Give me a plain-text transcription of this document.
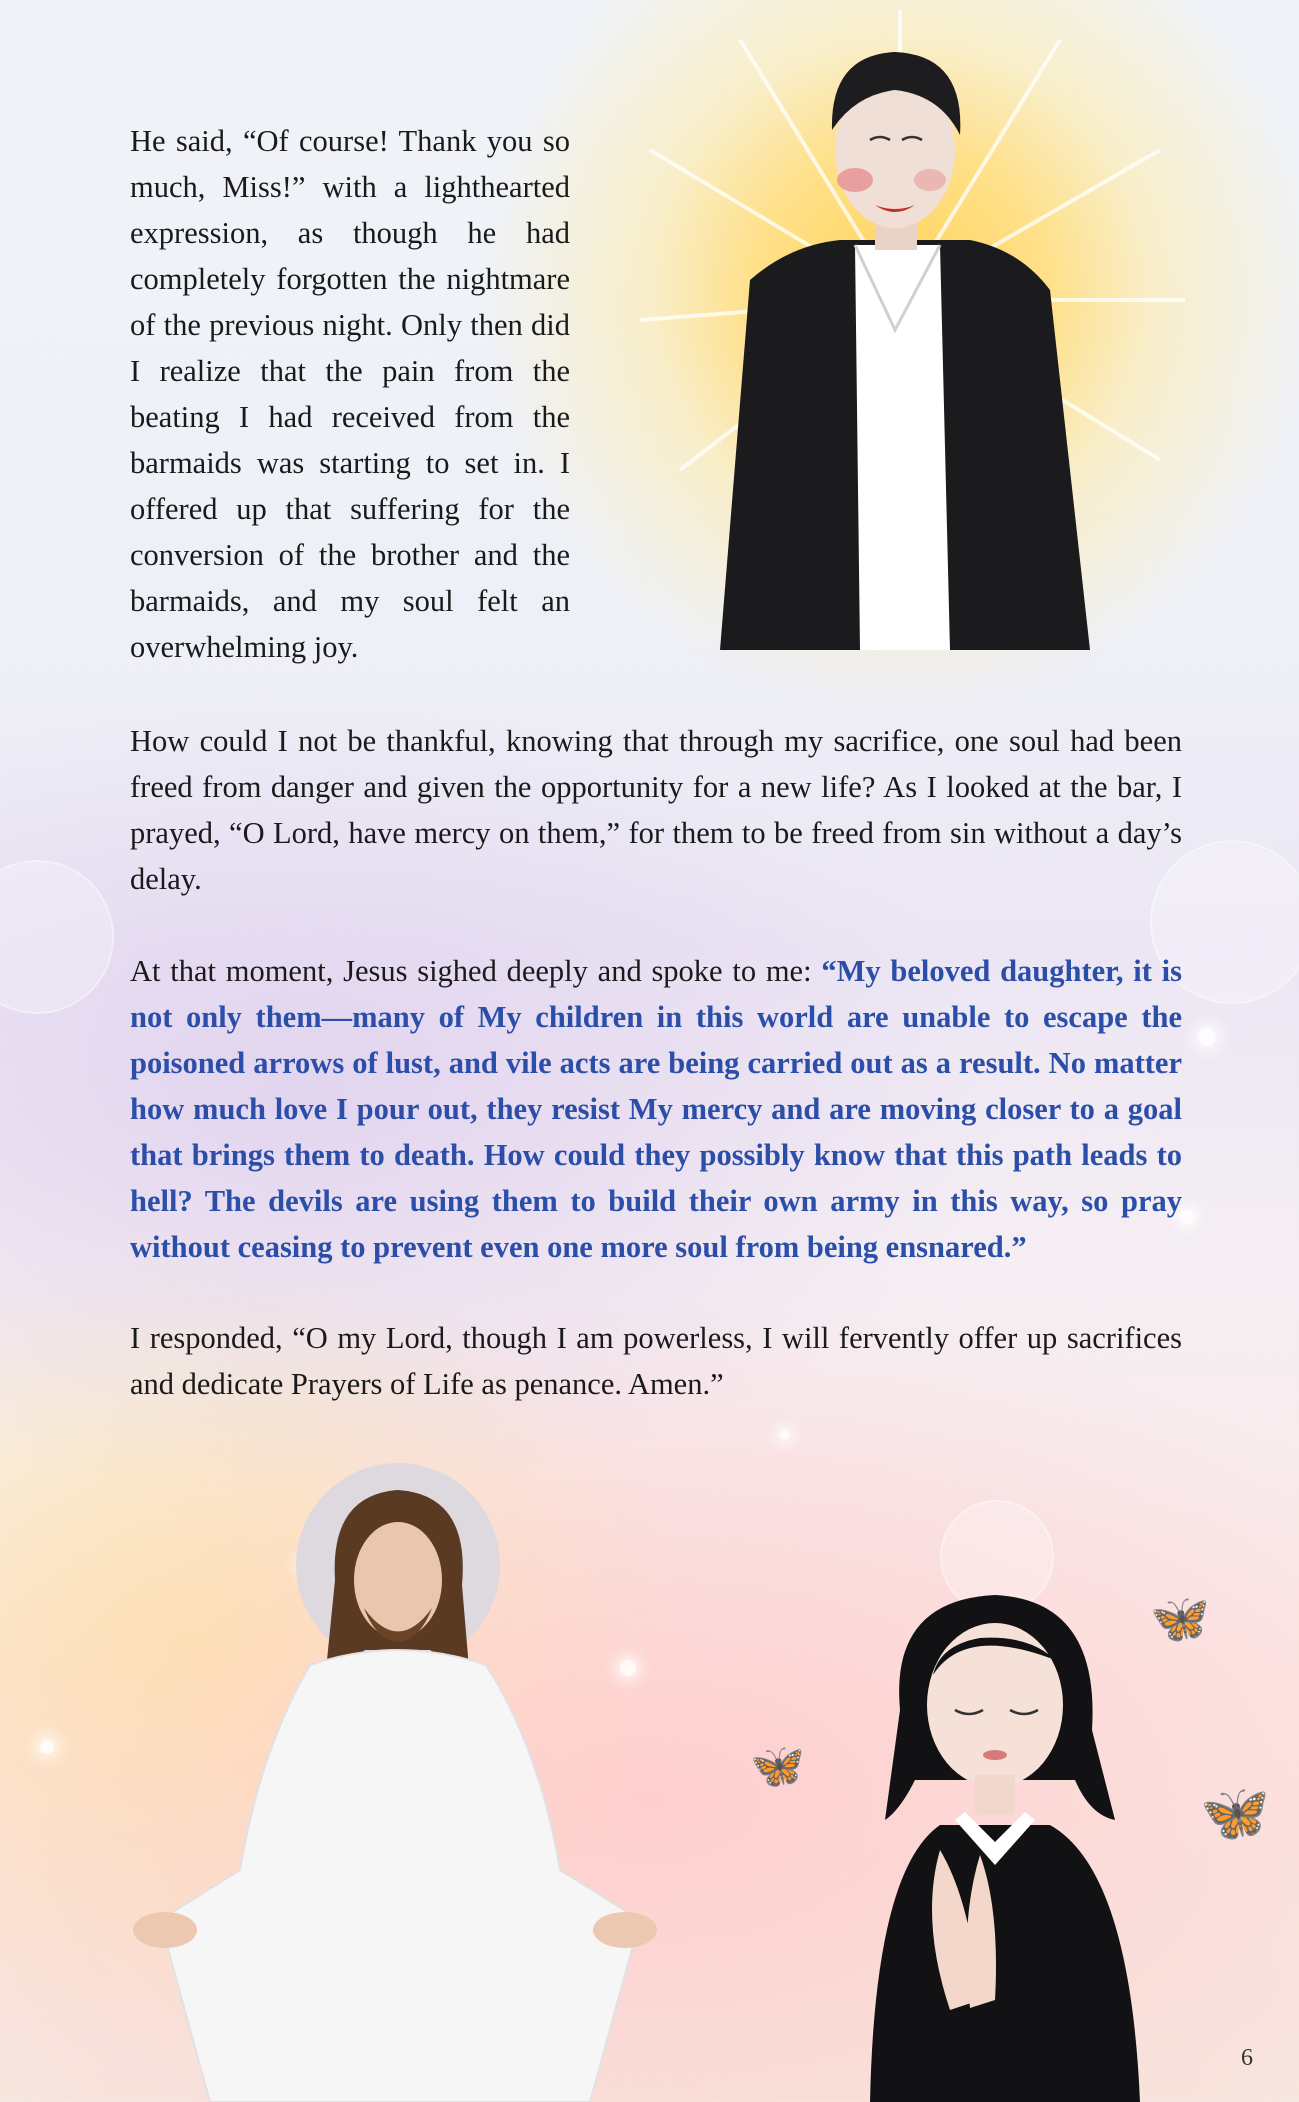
He said, “Of course! Thank you so much, Miss!” with a lighthearted expression, as though he had completely forgotten the nightmare of the previous night. Only then did I realize that the pain from the beating I had received from the barmaids was starting to set in. I offered up that suffering for the conversion of the brother and the barmaids, and my soul felt an overwhelming joy.

How could I not be thankful, knowing that through my sacrifice, one soul had been freed from danger and given the opportunity for a new life? As I looked at the bar, I prayed, “O Lord, have mercy on them,” for them to be freed from sin without a day’s delay.

At that moment, Jesus sighed deeply and spoke to me: “My beloved daughter, it is not only them—many of My children in this world are unable to escape the poisoned arrows of lust, and vile acts are being carried out as a result. No matter how much love I pour out, they resist My mercy and are moving closer to a goal that brings them to death. How could they possibly know that this path leads to hell? The devils are using them to build their own army in this way, so pray without ceasing to prevent even one more soul from being ensnared.”

I responded, “O my Lord, though I am powerless, I will fervently offer up sacrifices and dedicate Prayers of Life as penance. Amen.”

🦋
🦋
🦋
6
